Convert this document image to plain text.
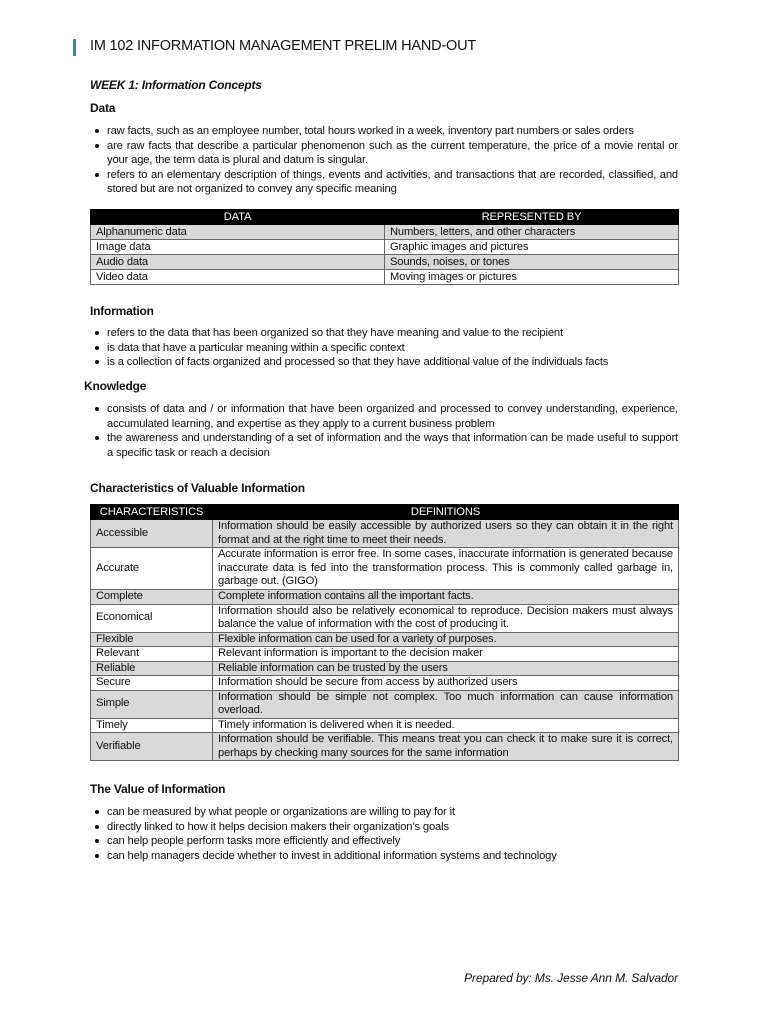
IM 102 INFORMATION MANAGEMENT PRELIM HAND-OUT
WEEK 1: Information Concepts
Data
raw facts, such as an employee number, total hours worked in a week, inventory part numbers or sales orders
are raw facts that describe a particular phenomenon such as the current temperature, the price of a movie rental or your age, the term data is plural and datum is singular.
refers to an elementary description of things, events and activities, and transactions that are recorded, classified, and stored but are not organized to convey any specific meaning
DATA	REPRESENTED BY
Alphanumeric data	Numbers, letters, and other characters
Image data	Graphic images and pictures
Audio data	Sounds, noises, or tones
Video data	Moving images or pictures
Information
refers to the data that has been organized so that they have meaning and value to the recipient
is data that have a particular meaning within a specific context
is a collection of facts organized and processed so that they have additional value of the individuals facts
Knowledge
consists of data and / or information that have been organized and processed to convey understanding, experience, accumulated learning, and expertise as they apply to a current business problem
the awareness and understanding of a set of information and the ways that information can be made useful to support a specific task or reach a decision
Characteristics of Valuable Information
CHARACTERISTICS	DEFINITIONS
Accessible	Information should be easily accessible by authorized users so they can obtain it in the right format and at the right time to meet their needs.
Accurate	Accurate information is error free. In some cases, inaccurate information is generated because inaccurate data is fed into the transformation process. This is commonly called garbage in, garbage out. (GIGO)
Complete	Complete information contains all the important facts.
Economical	Information should also be relatively economical to reproduce. Decision makers must always balance the value of information with the cost of producing it.
Flexible	Flexible information can be used for a variety of purposes.
Relevant	Relevant information is important to the decision maker
Reliable	Reliable information can be trusted by the users
Secure	Information should be secure from access by authorized users
Simple	Information should be simple not complex. Too much information can cause information overload.
Timely	Timely information is delivered when it is needed.
Verifiable	Information should be verifiable. This means treat you can check it to make sure it is correct, perhaps by checking many sources for the same information
The Value of Information
can be measured by what people or organizations are willing to pay for it
directly linked to how it helps decision makers their organization’s goals
can help people perform tasks more efficiently and effectively
can help managers decide whether to invest in additional information systems and technology
Prepared by: Ms. Jesse Ann M. Salvador
